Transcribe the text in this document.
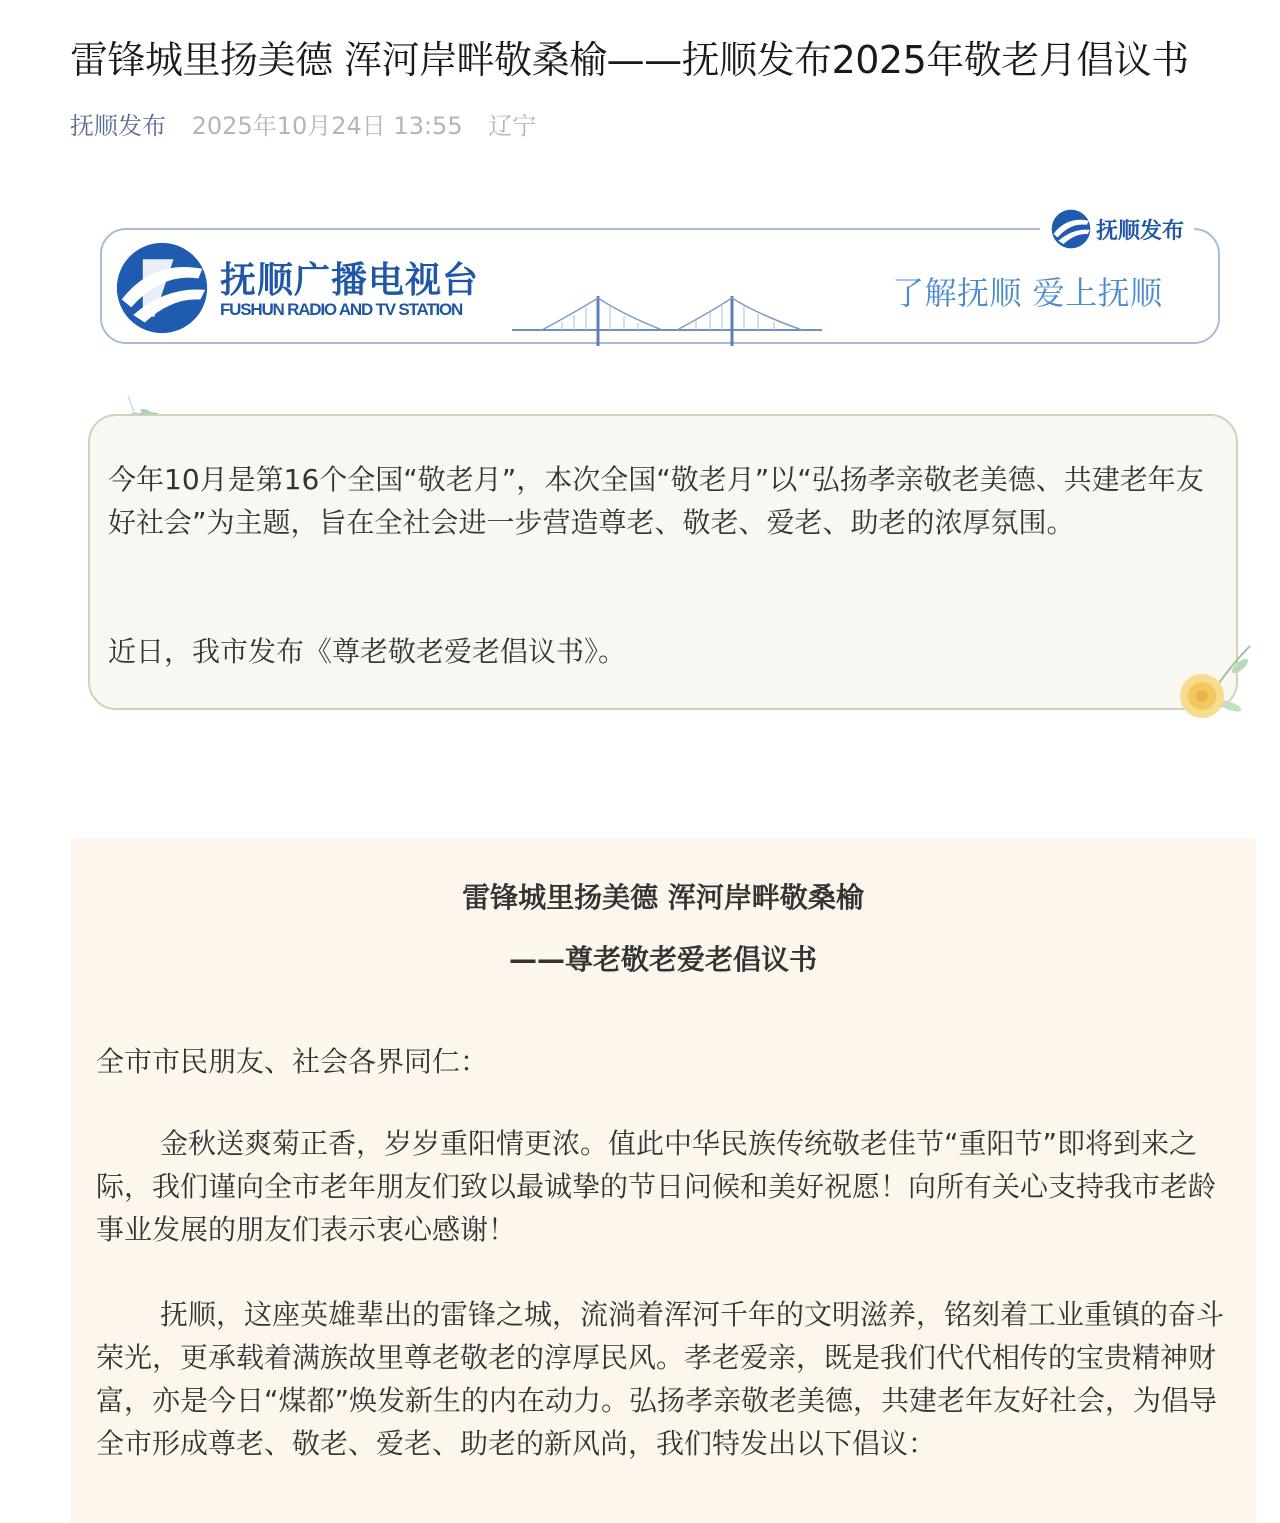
雷锋城里扬美德 浑河岸畔敬桑榆——抚顺发布2025年敬老月倡议书
抚顺发布 2025年10月24日 13:55 辽宁
抚顺广播电视台
FUSHUN RADIO AND TV STATION	了解抚顺 爱上抚顺
抚顺发布

今年10月是第16个全国“敬老月”，本次全国“敬老月”以“弘扬孝亲敬老美德、共建老年友好社会”为主题，旨在全社会进一步营造尊老、敬老、爱老、助老的浓厚氛围。

近日，我市发布《尊老敬老爱老倡议书》。

雷锋城里扬美德 浑河岸畔敬桑榆
——尊老敬老爱老倡议书
全市市民朋友、社会各界同仁：

金秋送爽菊正香，岁岁重阳情更浓。值此中华民族传统敬老佳节“重阳节”即将到来之际，我们谨向全市老年朋友们致以最诚挚的节日问候和美好祝愿！向所有关心支持我市老龄事业发展的朋友们表示衷心感谢！

抚顺，这座英雄辈出的雷锋之城，流淌着浑河千年的文明滋养，铭刻着工业重镇的奋斗荣光，更承载着满族故里尊老敬老的淳厚民风。孝老爱亲，既是我们代代相传的宝贵精神财富，亦是今日“煤都”焕发新生的内在动力。弘扬孝亲敬老美德，共建老年友好社会，为倡导全市形成尊老、敬老、爱老、助老的新风尚，我们特发出以下倡议：
